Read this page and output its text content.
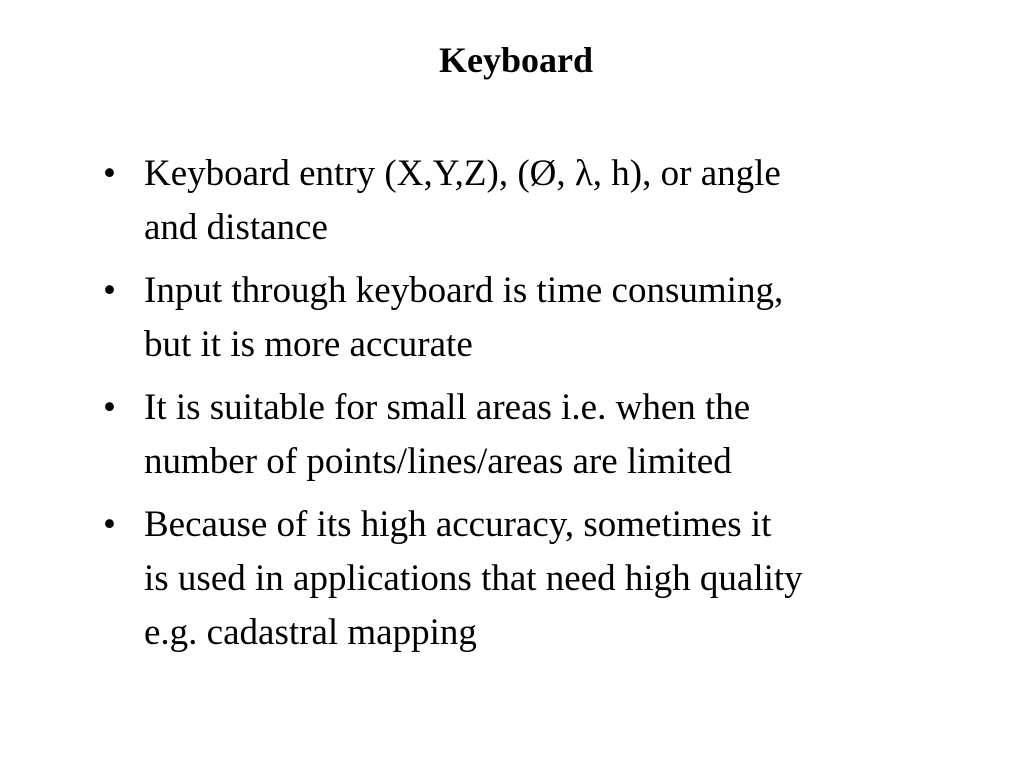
Keyboard
• Keyboard entry (X,Y,Z), (Ø, λ, h), or angle
and distance
• Input through keyboard is time consuming,
but it is more accurate
• It is suitable for small areas i.e. when the
number of points/lines/areas are limited
• Because of its high accuracy, sometimes it
is used in applications that need high quality
e.g. cadastral mapping
